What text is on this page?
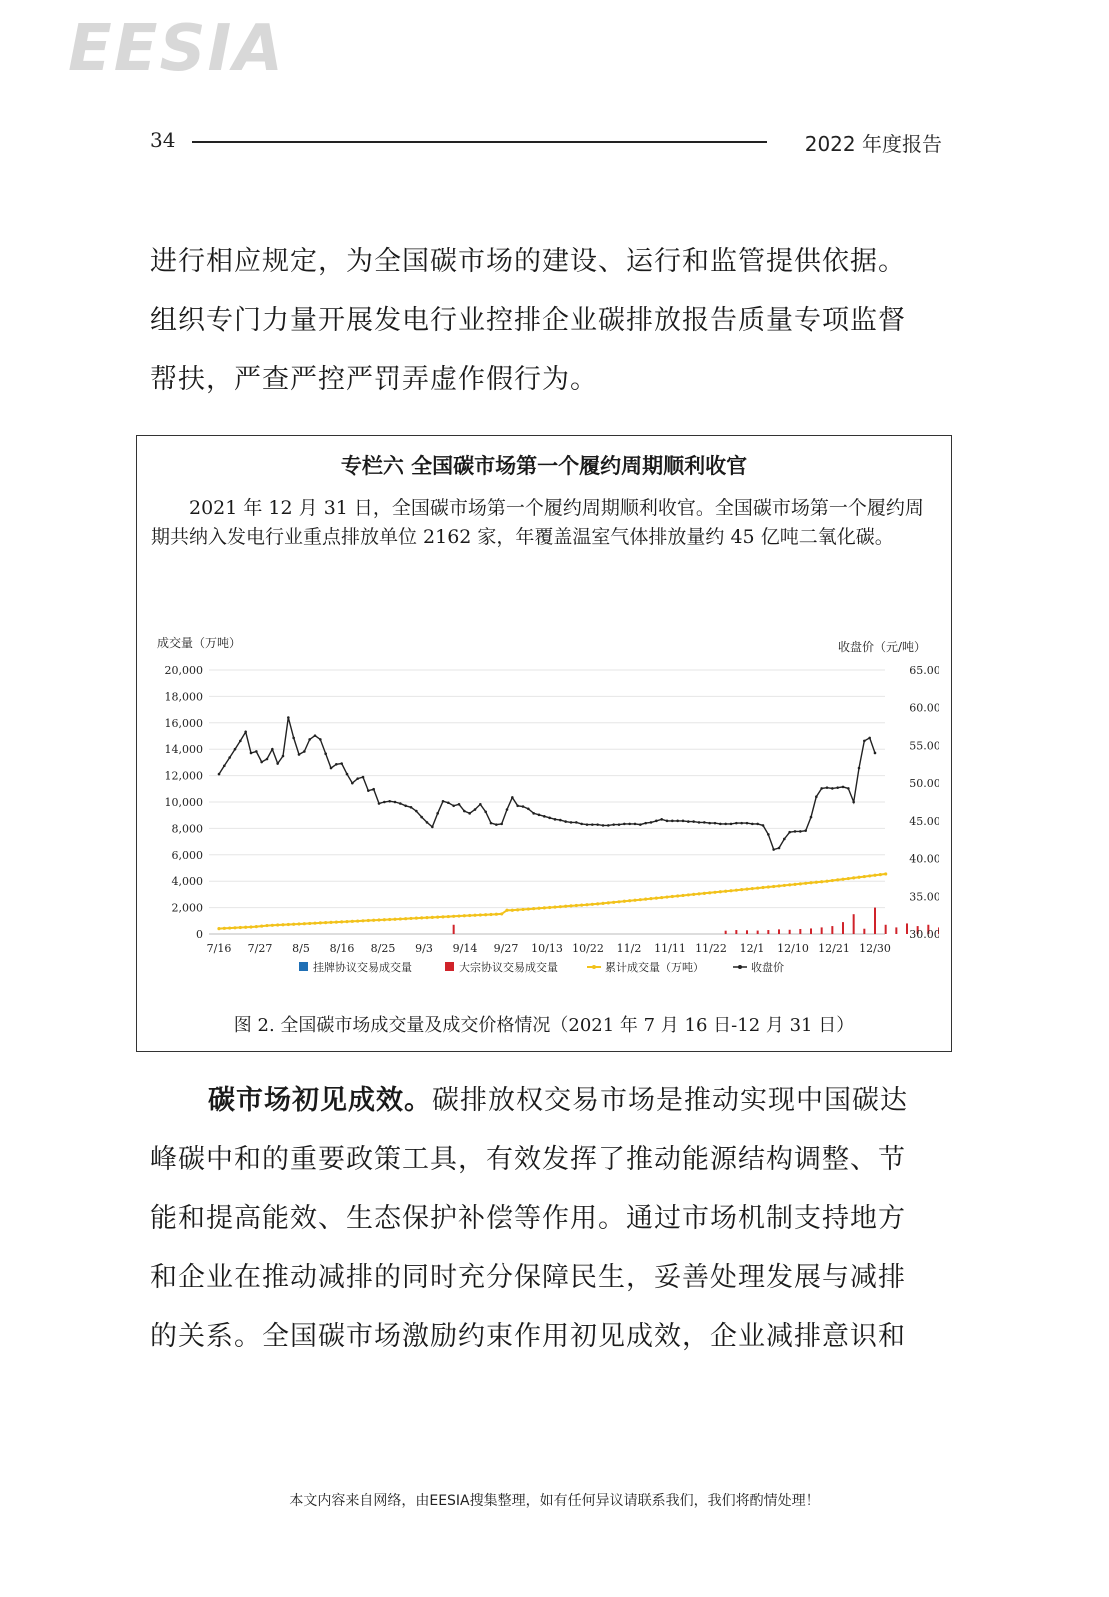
EESIA
34	2022 年度报告

进行相应规定，为全国碳市场的建设、运行和监管提供依据。

组织专门力量开展发电行业控排企业碳排放报告质量专项监督

帮扶，严查严控严罚弄虚作假行为。

专栏六 全国碳市场第一个履约周期顺利收官

2021 年 12 月 31 日，全国碳市场第一个履约周期顺利收官。全国碳市场第一个履约周期共纳入发电行业重点排放单位 2162 家，年覆盖温室气体排放量约 45 亿吨二氧化碳。

成交量（万吨）	收盘价（元/吨）
0
2,000
4,000
6,000
8,000
10,000
12,000
14,000
16,000
18,000
20,000
30.00
35.00
40.00
45.00
50.00
55.00
60.00
65.00
7/16 7/27 8/5 8/16 8/25 9/3 9/14 9/27 10/13 10/22 11/2 11/11 11/22 12/1 12/10 12/21 12/30
挂牌协议交易成交量	大宗协议交易成交量	累计成交量（万吨）	收盘价
图 2. 全国碳市场成交量及成交价格情况（2021 年 7 月 16 日-12 月 31 日）

碳市场初见成效。碳排放权交易市场是推动实现中国碳达

峰碳中和的重要政策工具，有效发挥了推动能源结构调整、节

能和提高能效、生态保护补偿等作用。通过市场机制支持地方

和企业在推动减排的同时充分保障民生，妥善处理发展与减排

的关系。全国碳市场激励约束作用初见成效，企业减排意识和

本文内容来自网络，由EESIA搜集整理，如有任何异议请联系我们，我们将酌情处理！
